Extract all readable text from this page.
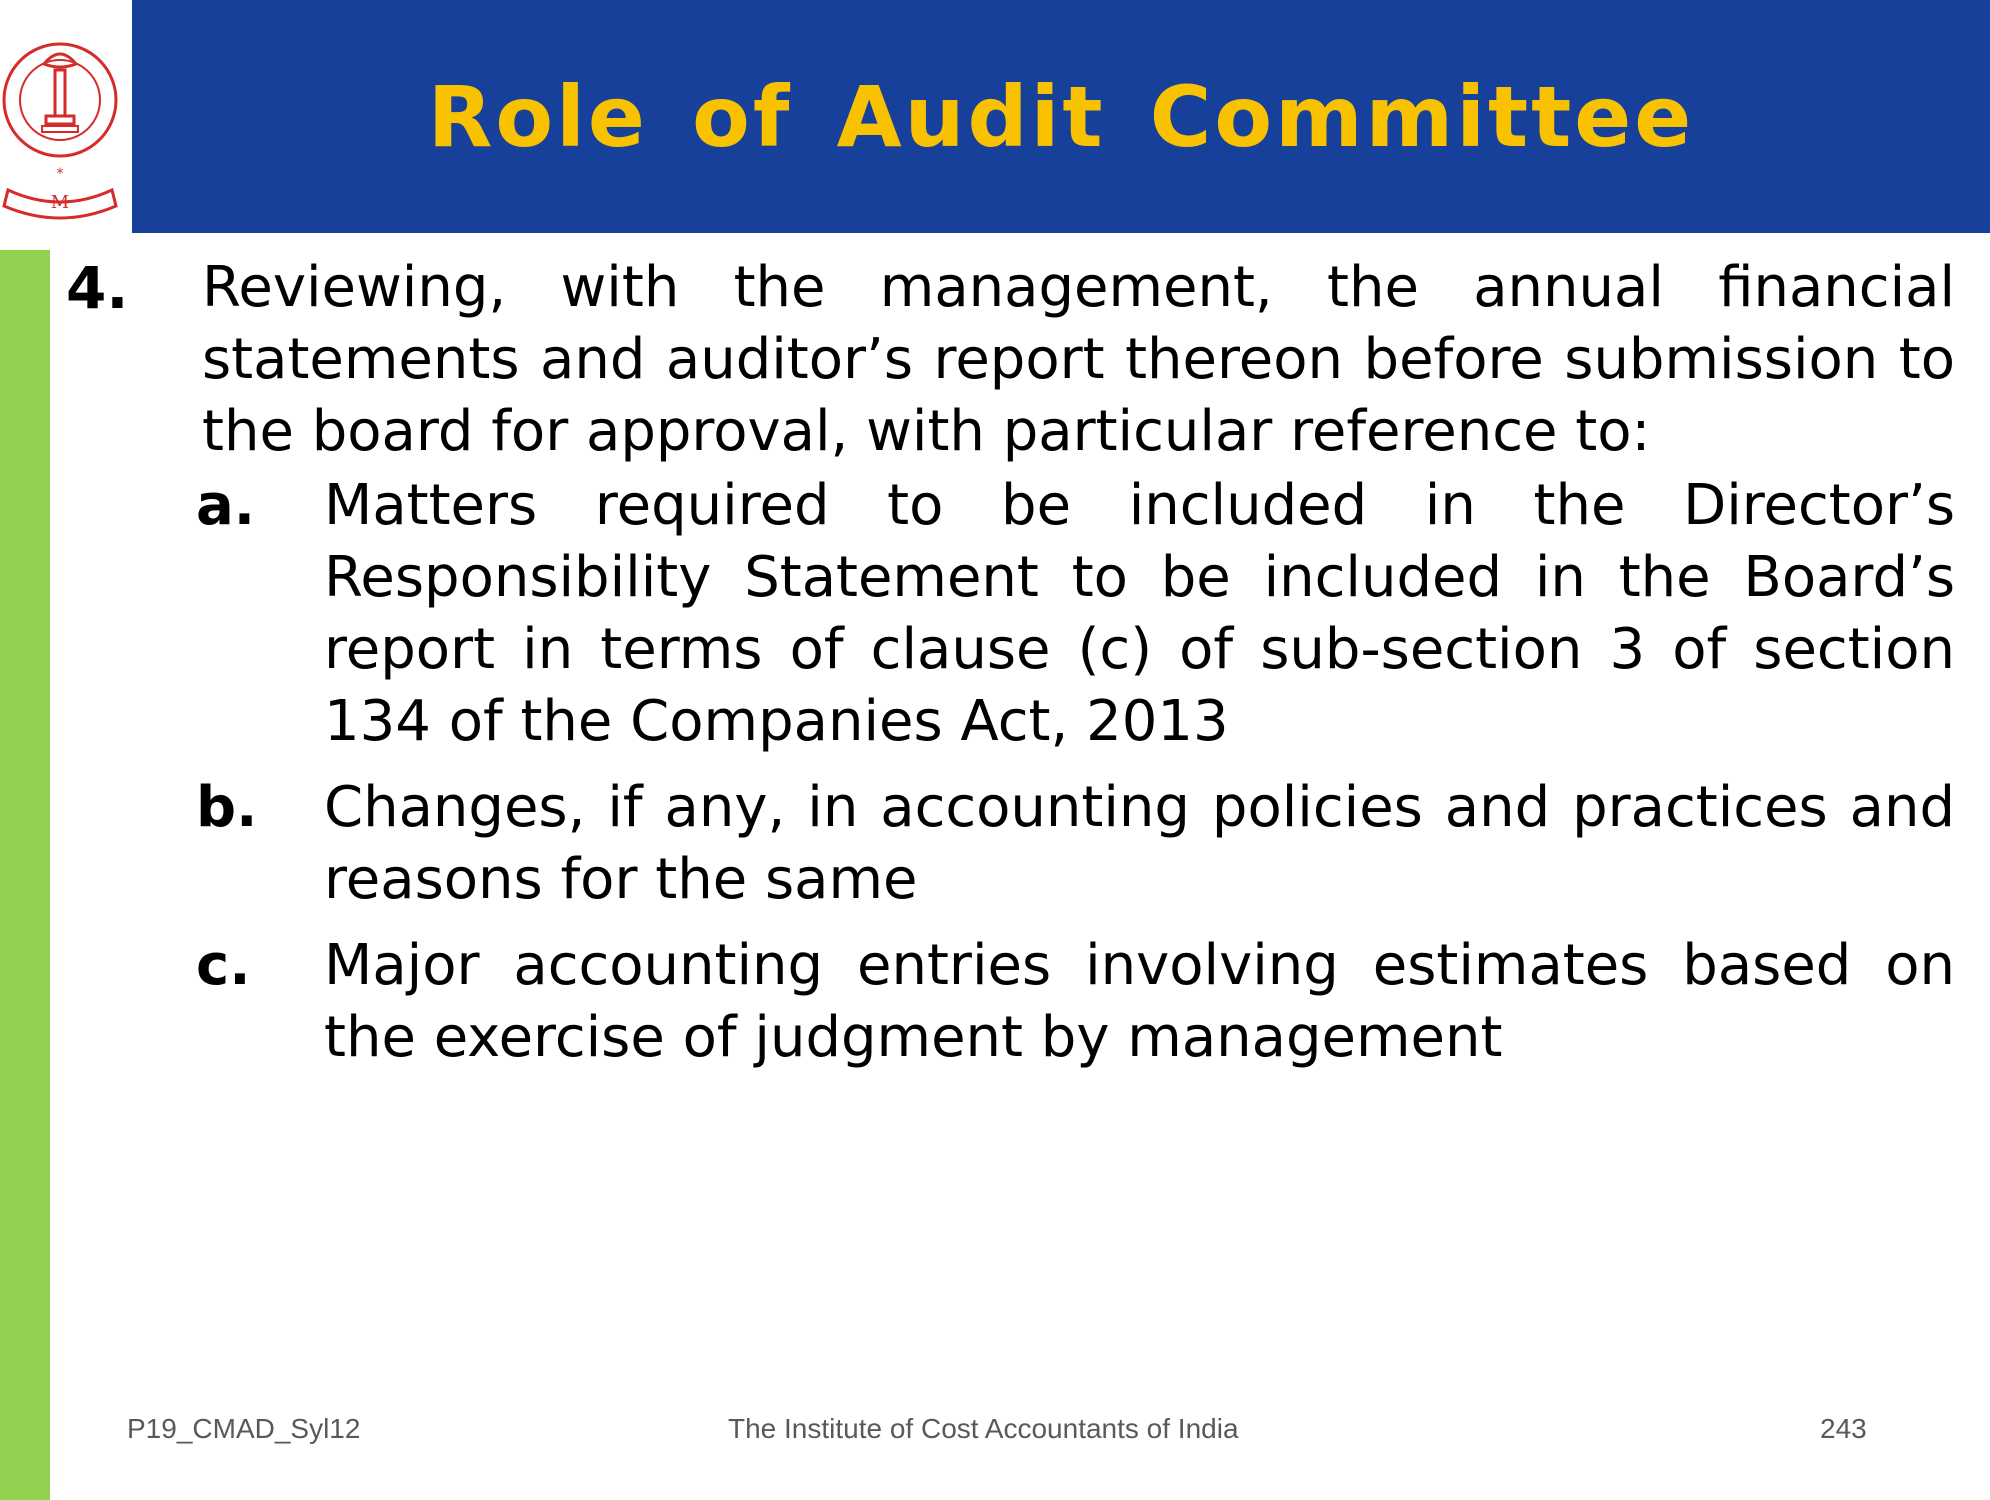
M
*
Role of Audit Committee
4.	Reviewing, with the management, the annual financial statements and auditor’s report thereon before submission to the board for approval, with particular reference to:
a.	Matters required to be included in the Director’s Responsibility Statement to be included in the Board’s report in terms of clause (c) of sub-section 3 of section 134 of the Companies Act, 2013
b.	Changes, if any, in accounting policies and practices and reasons for the same
c.	Major accounting entries involving estimates based on the exercise of judgment by management
P19_CMAD_Syl12	The Institute of Cost Accountants of India	243
